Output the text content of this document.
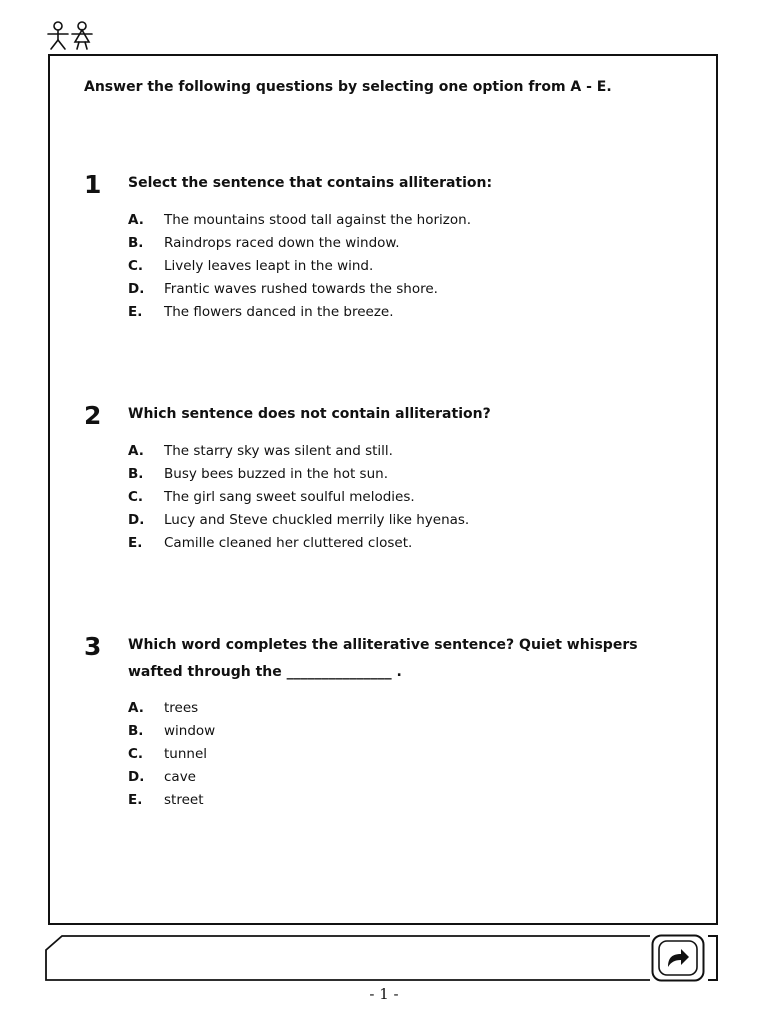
Answer the following questions by selecting one option from A - E.
1 Select the sentence that contains alliteration:
A. The mountains stood tall against the horizon.
B. Raindrops raced down the window.
C. Lively leaves leapt in the wind.
D. Frantic waves rushed towards the shore.
E. The flowers danced in the breeze.
2 Which sentence does not contain alliteration?
A. The starry sky was silent and still.
B. Busy bees buzzed in the hot sun.
C. The girl sang sweet soulful melodies.
D. Lucy and Steve chuckled merrily like hyenas.
E. Camille cleaned her cluttered closet.
3 Which word completes the alliterative sentence? Quiet whispers wafted through the _______________ .
A. trees
B. window
C. tunnel
D. cave
E. street
- 1 -
